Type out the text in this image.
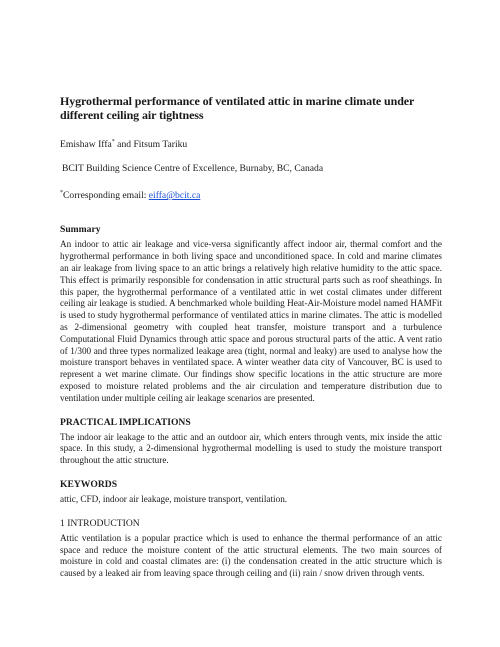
Hygrothermal performance of ventilated attic in marine climate under different ceiling air tightness
Emishaw Iffa* and Fitsum Tariku
BCIT Building Science Centre of Excellence, Burnaby, BC, Canada
*Corresponding email: eiffa@bcit.ca
Summary
An indoor to attic air leakage and vice-versa significantly affect indoor air, thermal comfort and the hygrothermal performance in both living space and unconditioned space. In cold and marine climates an air leakage from living space to an attic brings a relatively high relative humidity to the attic space. This effect is primarily responsible for condensation in attic structural parts such as roof sheathings. In this paper, the hygrothermal performance of a ventilated attic in wet costal climates under different ceiling air leakage is studied. A benchmarked whole building Heat-Air-Moisture model named HAMFit is used to study hygrothermal performance of ventilated attics in marine climates. The attic is modelled as 2-dimensional geometry with coupled heat transfer, moisture transport and a turbulence Computational Fluid Dynamics through attic space and porous structural parts of the attic. A vent ratio of 1/300 and three types normalized leakage area (tight, normal and leaky) are used to analyse how the moisture transport behaves in ventilated space. A winter weather data city of Vancouver, BC is used to represent a wet marine climate. Our findings show specific locations in the attic structure are more exposed to moisture related problems and the air circulation and temperature distribution due to ventilation under multiple ceiling air leakage scenarios are presented.
PRACTICAL IMPLICATIONS
The indoor air leakage to the attic and an outdoor air, which enters through vents, mix inside the attic space. In this study, a 2-dimensional hygrothermal modelling is used to study the moisture transport throughout the attic structure.
KEYWORDS
attic, CFD, indoor air leakage, moisture transport, ventilation.
1 INTRODUCTION
Attic ventilation is a popular practice which is used to enhance the thermal performance of an attic space and reduce the moisture content of the attic structural elements. The two main sources of moisture in cold and coastal climates are: (i) the condensation created in the attic structure which is caused by a leaked air from leaving space through ceiling and (ii) rain / snow driven through vents.
